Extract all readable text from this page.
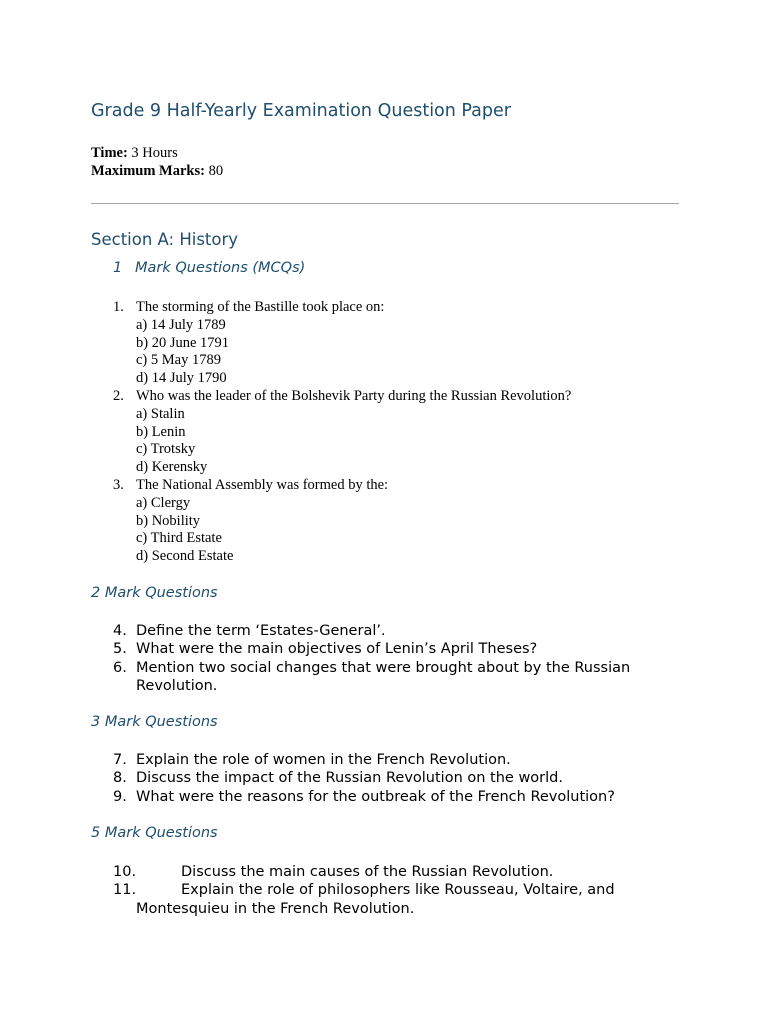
Grade 9 Half-Yearly Examination Question Paper
Time: 3 Hours
Maximum Marks: 80
Section A: History
1 Mark Questions (MCQs)
1. The storming of the Bastille took place on:
a) 14 July 1789
b) 20 June 1791
c) 5 May 1789
d) 14 July 1790
2. Who was the leader of the Bolshevik Party during the Russian Revolution?
a) Stalin
b) Lenin
c) Trotsky
d) Kerensky
3. The National Assembly was formed by the:
a) Clergy
b) Nobility
c) Third Estate
d) Second Estate
2 Mark Questions
4. Define the term ‘Estates-General’.
5. What were the main objectives of Lenin’s April Theses?
6. Mention two social changes that were brought about by the Russian Revolution.
3 Mark Questions
7. Explain the role of women in the French Revolution.
8. Discuss the impact of the Russian Revolution on the world.
9. What were the reasons for the outbreak of the French Revolution?
5 Mark Questions
10.	Discuss the main causes of the Russian Revolution.
11.	Explain the role of philosophers like Rousseau, Voltaire, and
Montesquieu in the French Revolution.
